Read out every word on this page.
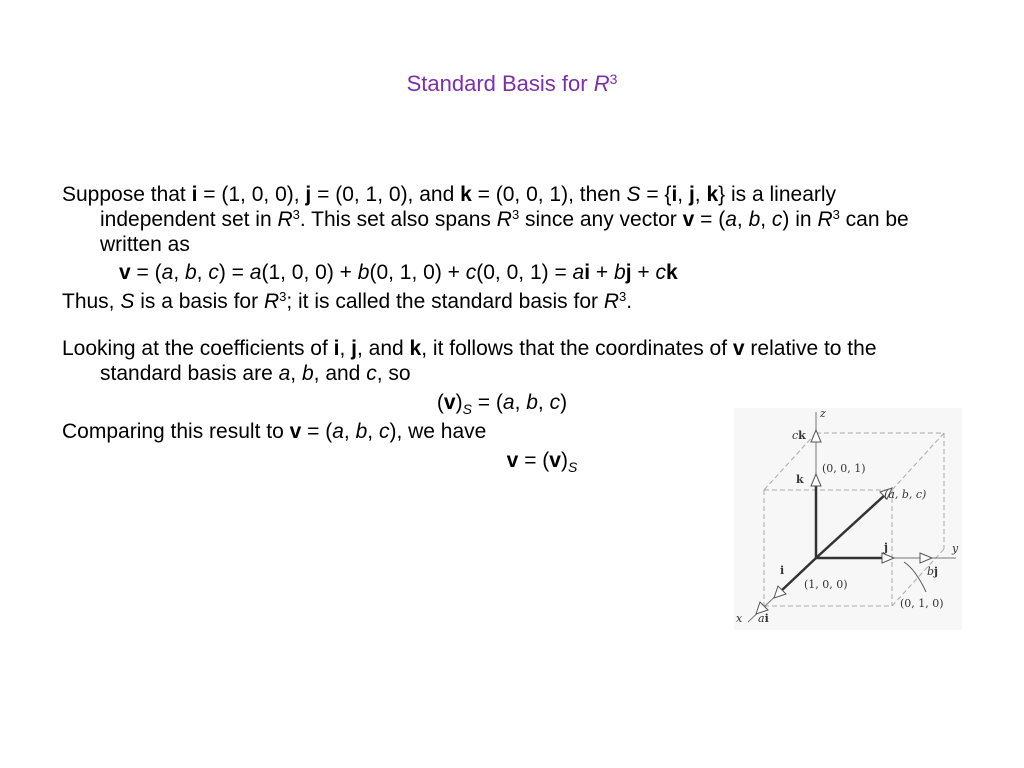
Standard Basis for $R^3$

Suppose that i = (1, 0, 0), j = (0, 1, 0), and k = (0, 0, 1), then S = {i, j, k} is a linearly independent set in $R^3$. This set also spans $R^3$ since any vector v = (a, b, c) in $R^3$ can be written as

v = (a, b, c) = a(1, 0, 0) + b(0, 1, 0) + c(0, 0, 1) = ai + bj + ck

Thus, S is a basis for $R^3$; it is called the standard basis for $R^3$.

Looking at the coefficients of i, j, and k, it follows that the coordinates of v relative to the standard basis are a, b, and c, so

$(v)_S = (a$, b, c)

Comparing this result to v = (a, b, c), we have

$v = (v)_S$
z
y
x
ck
(0, 0, 1)
k
(a, b, c)
j
bj
i
(1, 0, 0)
(0, 1, 0)
ai
